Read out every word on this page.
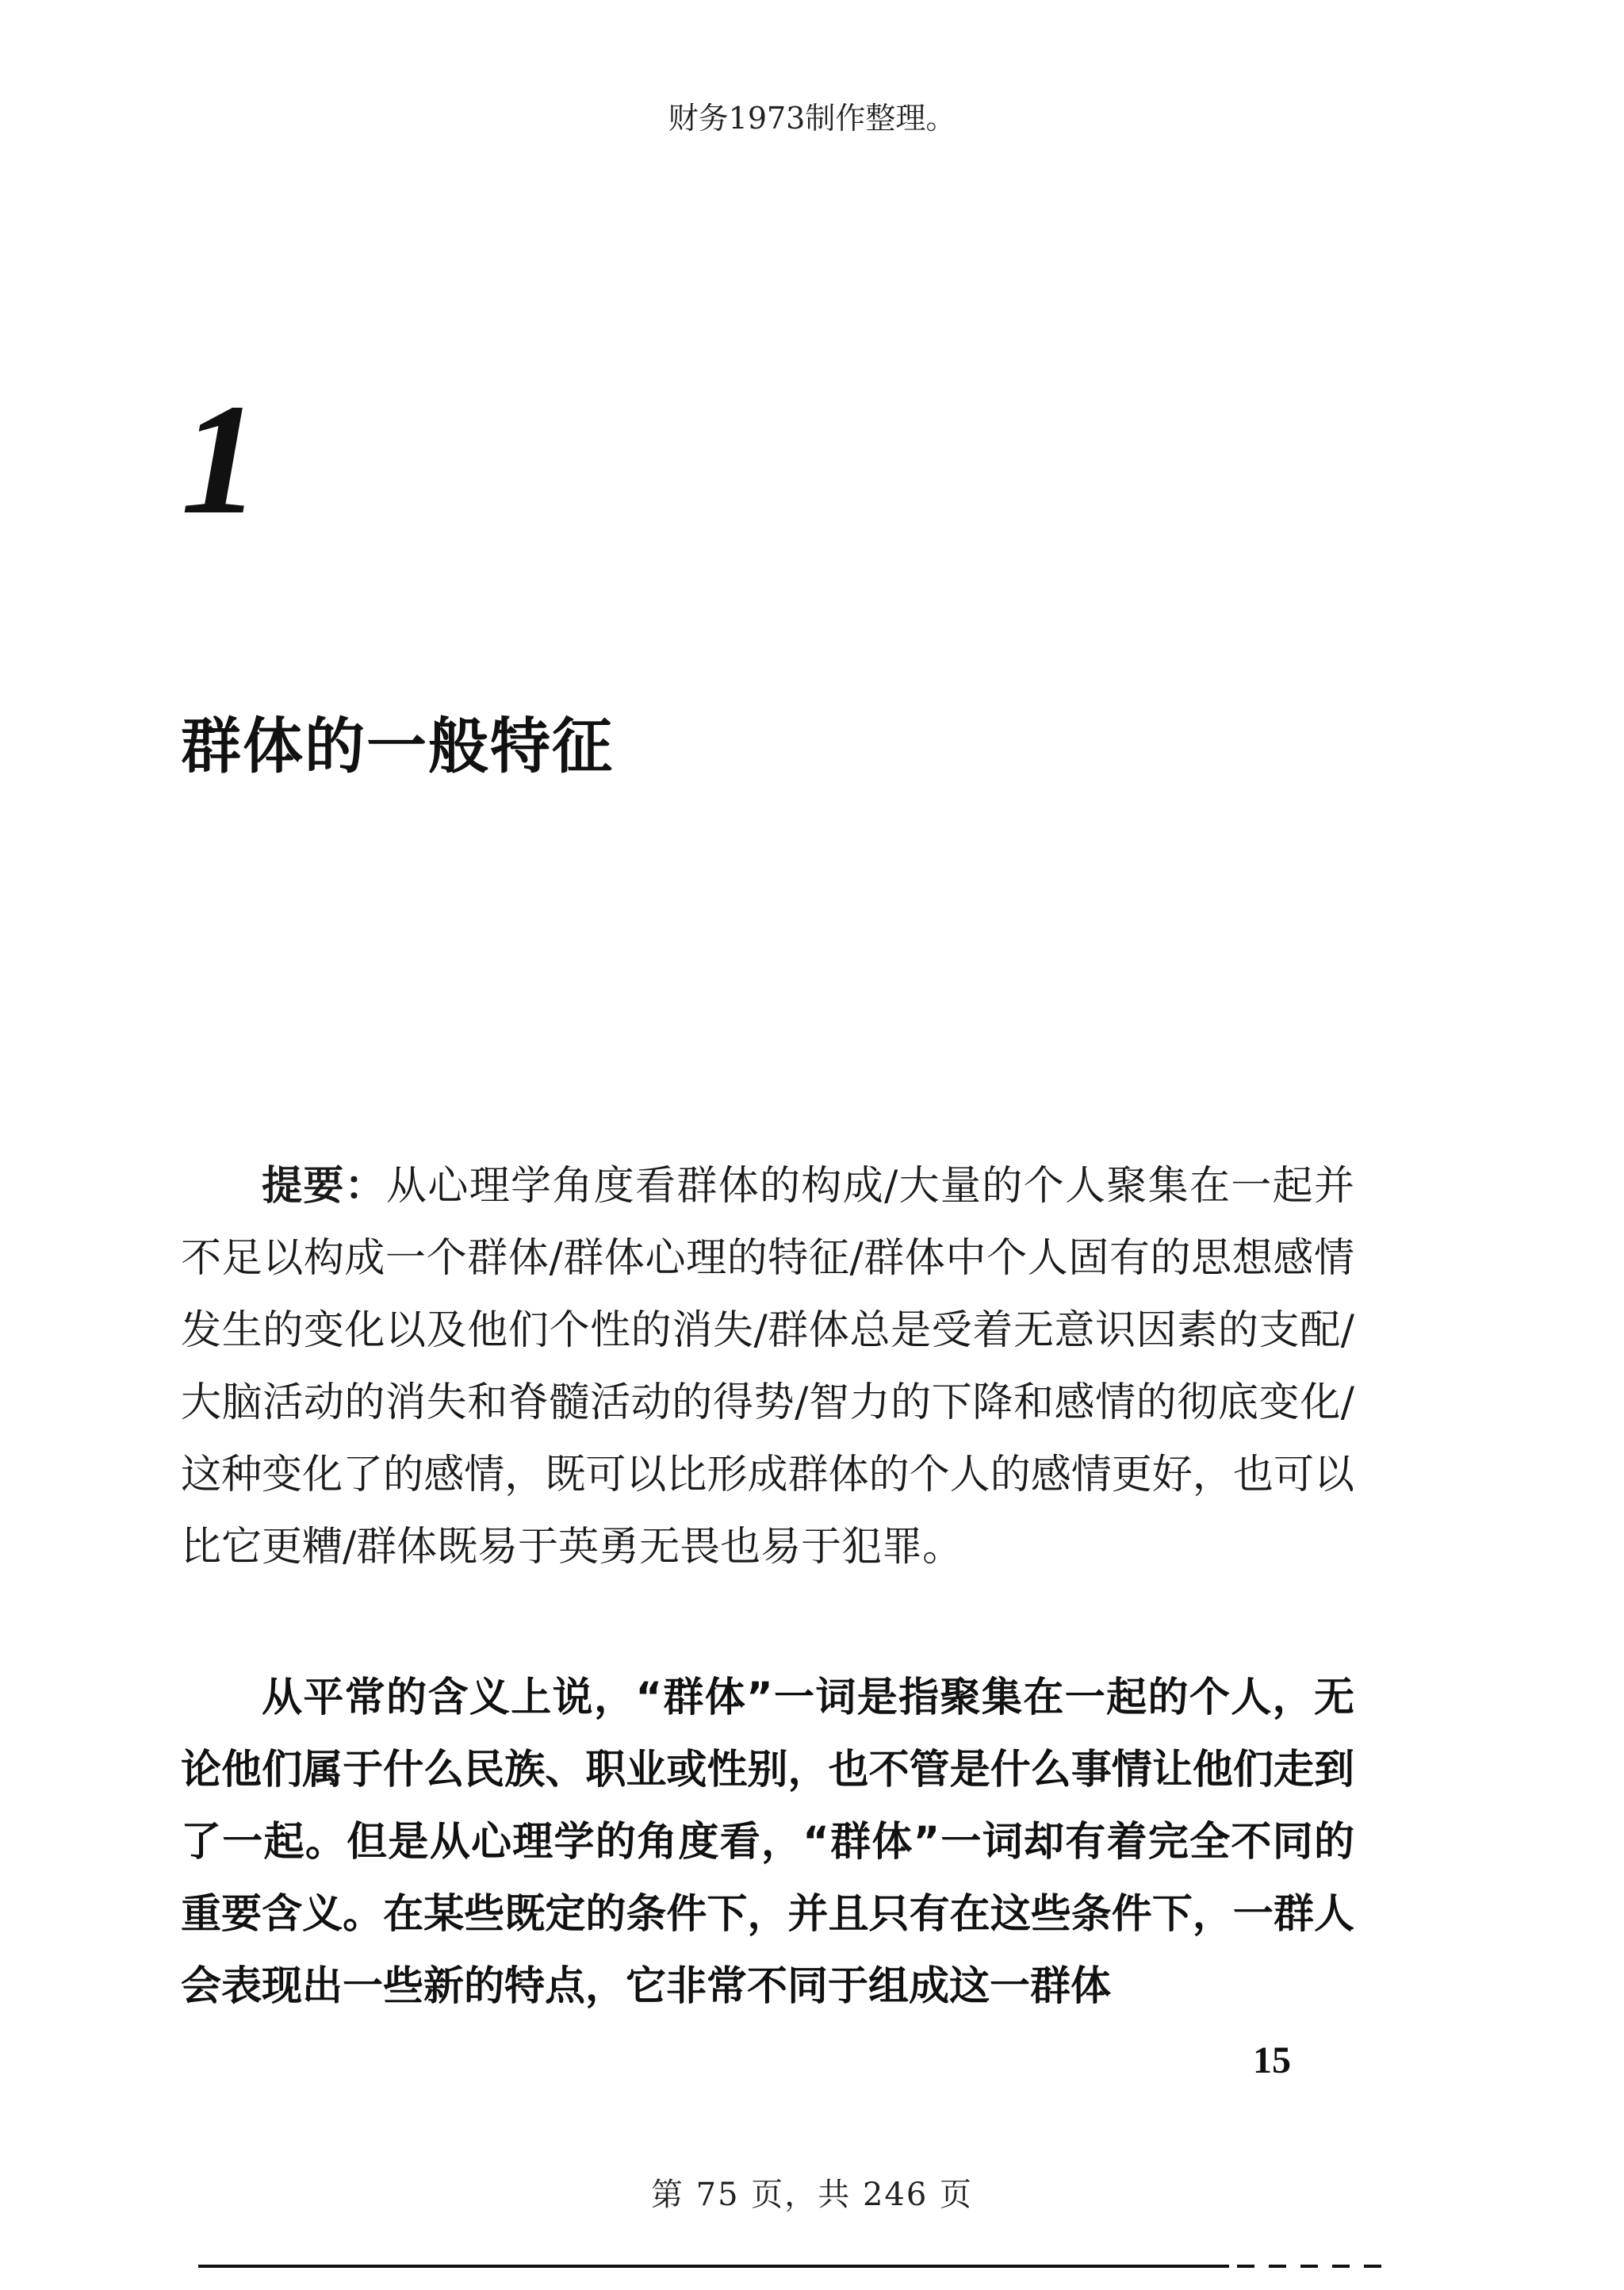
财务1973制作整理。
1
群体的一般特征

提要：从心理学角度看群体的构成/大量的个人聚集在一起并不足以构成一个群体/群体心理的特征/群体中个人固有的思想感情发生的变化以及他们个性的消失/群体总是受着无意识因素的支配/大脑活动的消失和脊髓活动的得势/智力的下降和感情的彻底变化/这种变化了的感情，既可以比形成群体的个人的感情更好，也可以比它更糟/群体既易于英勇无畏也易于犯罪。

从平常的含义上说，“群体”一词是指聚集在一起的个人，无论他们属于什么民族、职业或性别，也不管是什么事情让他们走到了一起。但是从心理学的角度看，“群体”一词却有着完全不同的重要含义。在某些既定的条件下，并且只有在这些条件下，一群人会表现出一些新的特点，它非常不同于组成这一群体

15
第 75 页，共 246 页
